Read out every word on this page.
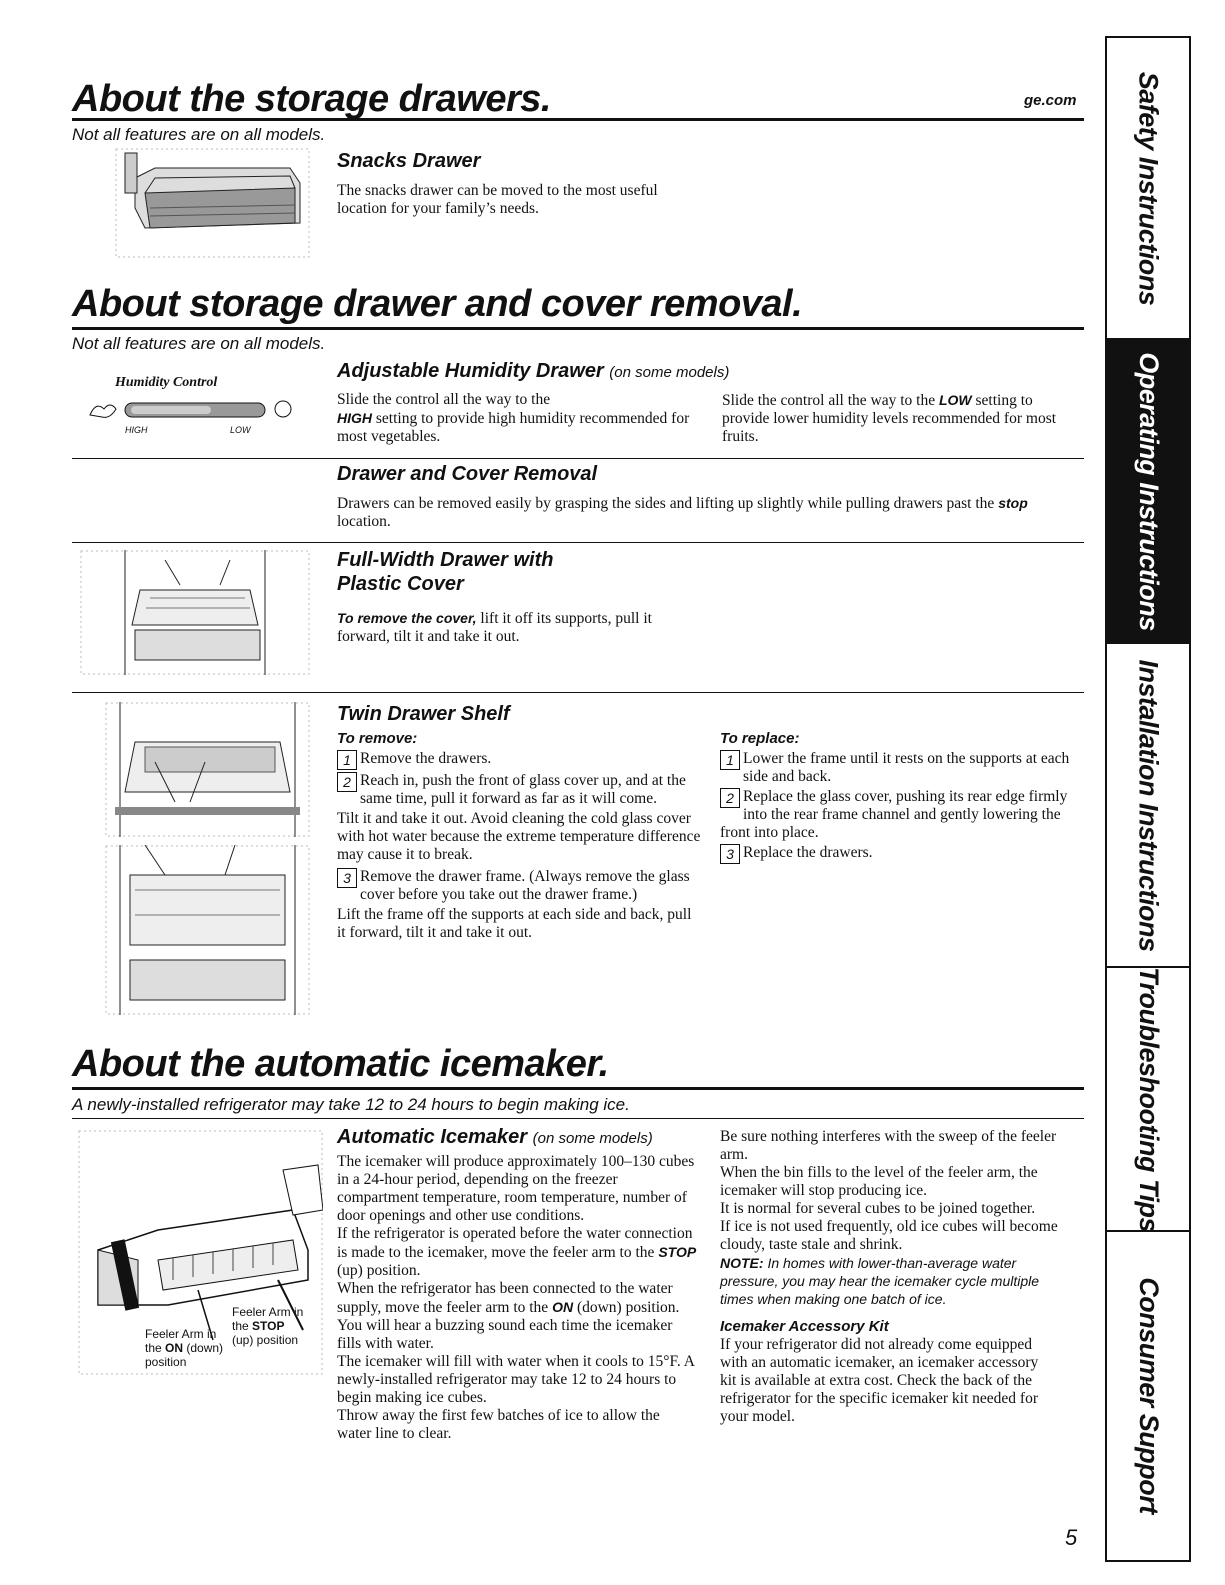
About the storage drawers.	ge.com
Not all features are on all models.
Snacks Drawer
The snacks drawer can be moved to the most useful location for your family’s needs.
About storage drawer and cover removal.
Not all features are on all models.
Humidity Control
HIGH	LOW
Adjustable Humidity Drawer (on some models)
Slide the control all the way to the
HIGH setting to provide high humidity recommended for most vegetables.
Slide the control all the way to the LOW setting to provide lower humidity levels recommended for most fruits.
Drawer and Cover Removal
Drawers can be removed easily by grasping the sides and lifting up slightly while pulling drawers past the stop location.
Full-Width Drawer with
Plastic Cover
To remove the cover, lift it off its supports, pull it forward, tilt it and take it out.
Twin Drawer Shelf
To remove:
1 Remove the drawers.
2 Reach in, push the front of glass cover up, and at the same time, pull it forward as far as it will come.
Tilt it and take it out. Avoid cleaning the cold glass cover with hot water because the extreme temperature difference may cause it to break.
3 Remove the drawer frame. (Always remove the glass cover before you take out the drawer frame.)
Lift the frame off the supports at each side and back, pull it forward, tilt it and take it out.
To replace:
1 Lower the frame until it rests on the supports at each side and back.
2 Replace the glass cover, pushing its rear edge firmly into the rear frame channel and gently lowering the front into place.
3 Replace the drawers.
About the automatic icemaker.
A newly-installed refrigerator may take 12 to 24 hours to begin making ice.
Feeler Arm in
the STOP
(up) position
Feeler Arm in
the ON (down)
position
Automatic Icemaker (on some models)
The icemaker will produce approximately 100–130 cubes in a 24-hour period, depending on the freezer compartment temperature, room temperature, number of door openings and other use conditions.
If the refrigerator is operated before the water connection is made to the icemaker, move the feeler arm to the STOP (up) position.
When the refrigerator has been connected to the water supply, move the feeler arm to the ON (down) position.
You will hear a buzzing sound each time the icemaker fills with water.
The icemaker will fill with water when it cools to 15°F. A newly-installed refrigerator may take 12 to 24 hours to begin making ice cubes.
Throw away the first few batches of ice to allow the water line to clear.
Be sure nothing interferes with the sweep of the feeler arm.
When the bin fills to the level of the feeler arm, the icemaker will stop producing ice.
It is normal for several cubes to be joined together.
If ice is not used frequently, old ice cubes will become cloudy, taste stale and shrink.
NOTE: In homes with lower-than-average water pressure, you may hear the icemaker cycle multiple times when making one batch of ice.
Icemaker Accessory Kit
If your refrigerator did not already come equipped with an automatic icemaker, an icemaker accessory kit is available at extra cost. Check the back of the refrigerator for the specific icemaker kit needed for your model.
5
Safety Instructions
Operating Instructions
Installation Instructions
Troubleshooting Tips
Consumer Support
